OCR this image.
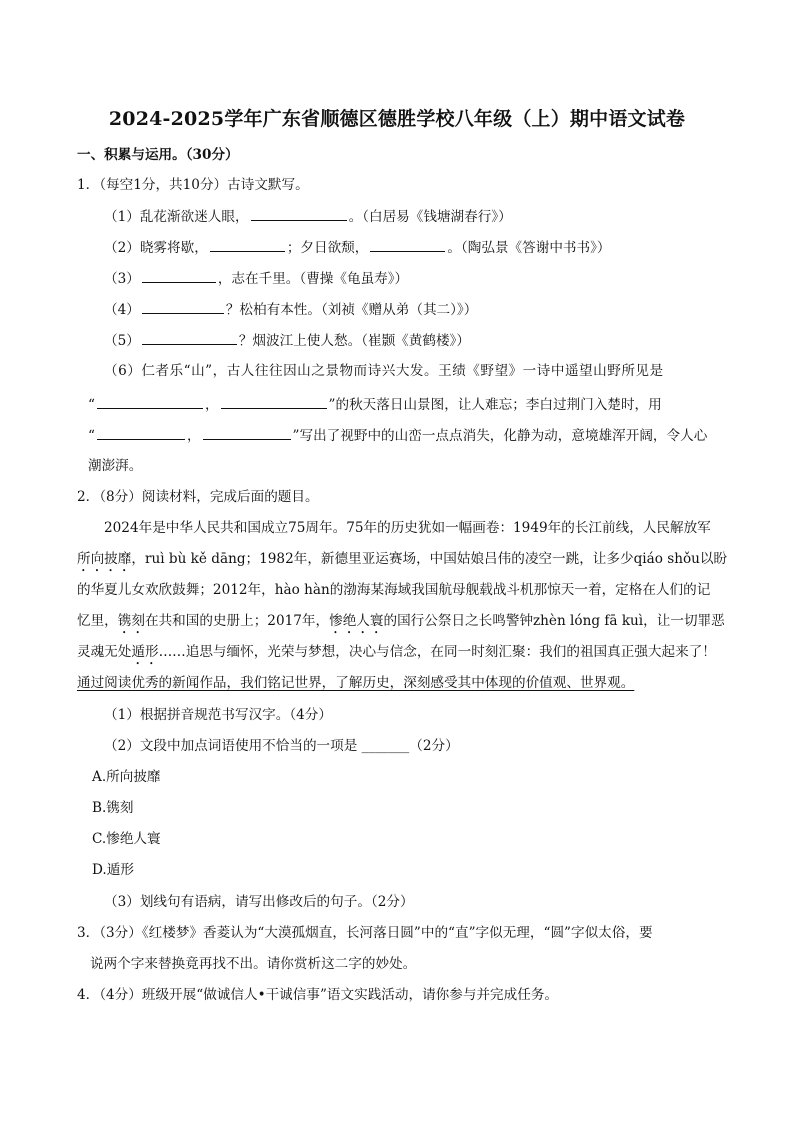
2024-2025学年广东省顺德区德胜学校八年级（上）期中语文试卷
一、积累与运用。（30分）
1．（每空1分，共10分）古诗文默写。
（1）乱花渐欲迷人眼，	。（白居易《钱塘湖春行》）
（2）晓雾将歇，	；夕日欲颓，	。（陶弘景《答谢中书书》）
（3）	，志在千里。（曹操《龟虽寿》）
（4）	？松柏有本性。（刘祯《赠从弟（其二）》）
（5）	？烟波江上使人愁。（崔颢《黄鹤楼》）
（6）仁者乐“山”，古人往往因山之景物而诗兴大发。王绩《野望》一诗中遥望山野所见是
“	，	”的秋天落日山景图，让人难忘；李白过荆门入楚时，用
“	，	”写出了视野中的山峦一点点消失，化静为动，意境雄浑开阔，令人心
潮澎湃。
2．（8分）阅读材料，完成后面的题目。
2024年是中华人民共和国成立75周年。75年的历史犹如一幅画卷：1949年的长江前线，人民解放军
所向披靡，ruì bù kě dāng；1982年，新德里亚运赛场，中国姑娘吕伟的凌空一跳，让多少qiáo shǒu以盼
的华夏儿女欢欣鼓舞；2012年，hào hàn的渤海某海域我国航母舰载战斗机那惊天一着，定格在人们的记
忆里，镌刻在共和国的史册上；2017年，惨绝人寰的国行公祭日之长鸣警钟zhèn lóng fā kuì，让一切罪恶
灵魂无处遁形……追思与缅怀，光荣与梦想，决心与信念，在同一时刻汇聚：我们的祖国真正强大起来了！
通过阅读优秀的新闻作品，我们铭记世界，了解历史，深刻感受其中体现的价值观、世界观。
（1）根据拼音规范书写汉字。（4分）
（2）文段中加点词语使用不恰当的一项是 _______（2分）
A.所向披靡
B.镌刻
C.惨绝人寰
D.遁形
（3）划线句有语病，请写出修改后的句子。（2分）
3．（3分）《红楼梦》香菱认为“大漠孤烟直，长河落日圆”中的“直”字似无理，“圆”字似太俗，要
说两个字来替换竟再找不出。请你赏析这二字的妙处。
4．（4分）班级开展“做诚信人•干诚信事”语文实践活动，请你参与并完成任务。
